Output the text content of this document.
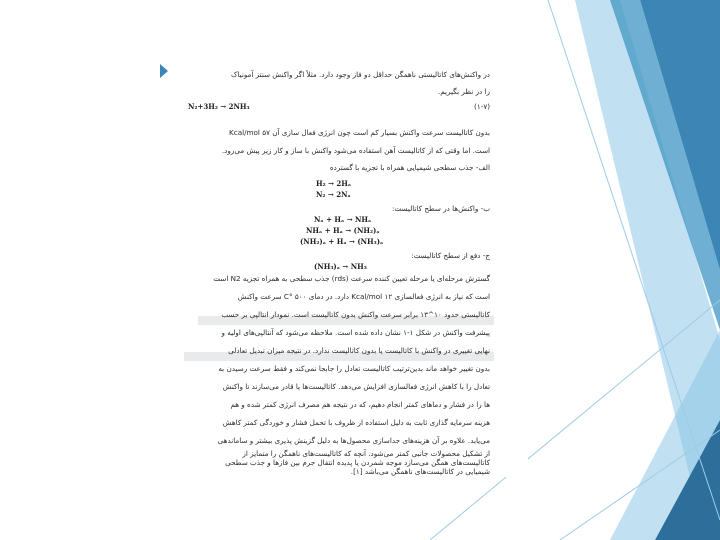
در واکنش‌های کاتالیستی ناهمگن حداقل دو فاز وجود دارد. مثلاً اگر واکنش سنتز آمونیاک
را در نظر بگیریم.
N₂+3H₂ → 2NH₃	(۱-۷)
بدون کاتالیست سرعت واکنش بسیار کم است چون انرژی فعال سازی آن ۵۷ Kcal/mol
است. اما وقتی که از کاتالیست آهن استفاده می‌شود واکنش با ساز و کار زیر پیش می‌رود.
الف- جذب سطحی شیمیایی همراه با تجزیه با گسترده
H₂ → 2Hₐ
N₂ → 2Nₐ
ب- واکنش‌ها در سطح کاتالیست:
Nₐ + Hₐ → NHₐ
NHₐ + Hₐ → (NH₂)ₐ
(NH₂)ₐ + Hₐ → (NH₃)ₐ
ج- دفع از سطح کاتالیست:
(NH₃)ₐ → NH₃
گسترش مرحله‌ای یا مرحله تعیین کننده سرعت (rds) جذب سطحی به همراه تجزیه N2 است
است که نیاز به انرژی فعالسازی ۱۲ Kcal/mol دارد. در دمای ۵۰۰ °C سرعت واکنش
کاتالیستی حدود ۱۰^۱۳ برابر سرعت واکنش بدون کاتالیست است. نمودار انتالپی بر حسب
پیشرفت واکنش در شکل ۱-۱ نشان داده شده است. ملاحظه می‌شود که آنتالپی‌های اولیه و
نهایی تغییری در واکنش با کاتالیست یا بدون کاتالیست ندارد. در نتیجه میزان تبدیل تعادلی
بدون تغییر خواهد ماند بدین‌ترتیب کاتالیست تعادل را جابجا نمی‌کند و فقط سرعت رسیدن به
تعادل را با کاهش انرژی فعالسازی افزایش می‌دهد. کاتالیست‌ها یا قادر می‌سازند تا واکنش‌
ها را در فشار و دماهای کمتر انجام دهیم، که در نتیجه هم مصرف انرژی کمتر شده و هم
هزینه سرمایه گذاری ثابت به دلیل استفاده از ظروف با تحمل فشار و خوردگی کمتر کاهش
می‌یابد. علاوه بر آن هزینه‌های جداسازی محصول‌ها به دلیل گزینش پذیری بیشتر و ساماندهی
از تشکیل محصولات جانبی کمتر می‌شود. آنچه که کاتالیست‌های ناهمگن را متمایز از
کاتالیست‌های همگن می‌سازد موجه شمردن یا پدیده انتقال جرم بین فازها و جذب سطحی
شیمیایی در کاتالیست‌های ناهمگن می‌باشد [۱].
